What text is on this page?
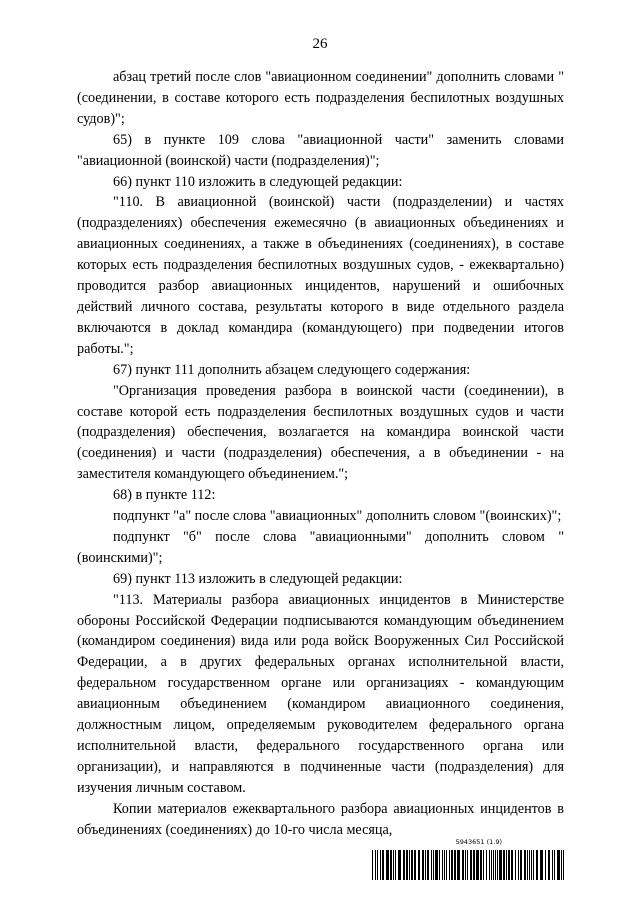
26

абзац третий после слов "авиационном соединении" дополнить словами "(соединении, в составе которого есть подразделения беспилотных воздушных судов)";

65) в пункте 109 слова "авиационной части" заменить словами "авиационной (воинской) части (подразделения)";

66) пункт 110 изложить в следующей редакции:

"110. В авиационной (воинской) части (подразделении) и частях (подразделениях) обеспечения ежемесячно (в авиационных объединениях и авиационных соединениях, а также в объединениях (соединениях), в составе которых есть подразделения беспилотных воздушных судов, - ежеквартально) проводится разбор авиационных инцидентов, нарушений и ошибочных действий личного состава, результаты которого в виде отдельного раздела включаются в доклад командира (командующего) при подведении итогов работы.";

67) пункт 111 дополнить абзацем следующего содержания:

"Организация проведения разбора в воинской части (соединении), в составе которой есть подразделения беспилотных воздушных судов и части (подразделения) обеспечения, возлагается на командира воинской части (соединения) и части (подразделения) обеспечения, а в объединении - на заместителя командующего объединением.";

68) в пункте 112:

подпункт "а" после слова "авиационных" дополнить словом "(воинских)";

подпункт "б" после слова "авиационными" дополнить словом "(воинскими)";

69) пункт 113 изложить в следующей редакции:

"113. Материалы разбора авиационных инцидентов в Министерстве обороны Российской Федерации подписываются командующим объединением (командиром соединения) вида или рода войск Вооруженных Сил Российской Федерации, а в других федеральных органах исполнительной власти, федеральном государственном органе или организациях - командующим авиационным объединением (командиром авиационного соединения, должностным лицом, определяемым руководителем федерального органа исполнительной власти, федерального государственного органа или организации), и направляются в подчиненные части (подразделения) для изучения личным составом.

Копии материалов ежеквартального разбора авиационных инцидентов в объединениях (соединениях) до 10-го числа месяца,

5943651 (1.9)
